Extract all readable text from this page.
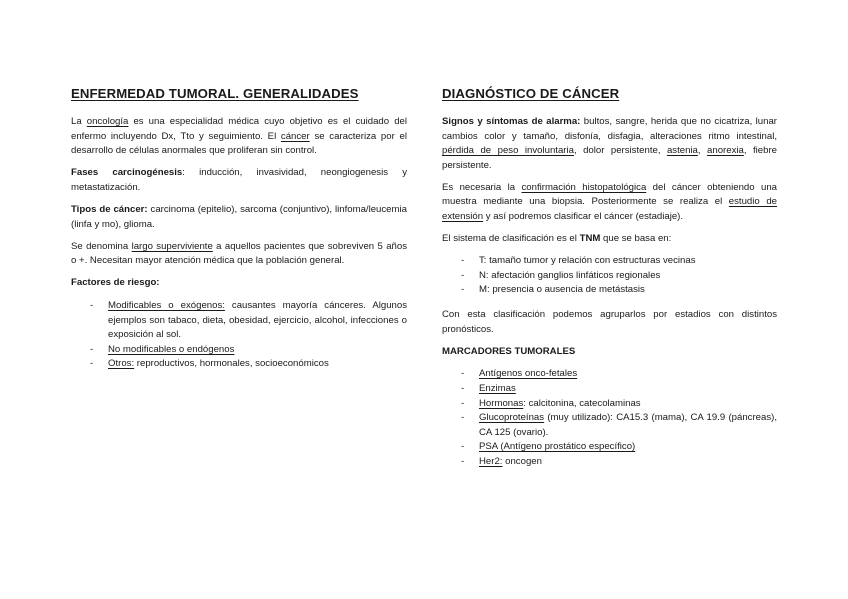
ENFERMEDAD TUMORAL. GENERALIDADES

La oncología es una especialidad médica cuyo objetivo es el cuidado del enfermo incluyendo Dx, Tto y seguimiento. El cáncer se caracteriza por el desarrollo de células anormales que proliferan sin control.

Fases carcinogénesis: inducción, invasividad, neongiogenesis y metastatización.

Tipos de cáncer: carcinoma (epitelio), sarcoma (conjuntivo), linfoma/leucemia (linfa y mo), glioma.

Se denomina largo superviviente a aquellos pacientes que sobreviven 5 años o +. Necesitan mayor atención médica que la población general.

Factores de riesgo:

- Modificables o exógenos: causantes mayoría cánceres. Algunos ejemplos son tabaco, dieta, obesidad, ejercicio, alcohol, infecciones o exposición al sol.
- No modificables o endógenos
- Otros: reproductivos, hormonales, socioeconómicos
DIAGNÓSTICO DE CÁNCER

Signos y síntomas de alarma: bultos, sangre, herida que no cicatriza, lunar cambios color y tamaño, disfonía, disfagia, alteraciones ritmo intestinal, pérdida de peso involuntaria, dolor persistente, astenia, anorexia, fiebre persistente.

Es necesaria la confirmación histopatológica del cáncer obteniendo una muestra mediante una biopsia. Posteriormente se realiza el estudio de extensión y así podremos clasificar el cáncer (estadiaje).

El sistema de clasificación es el TNM que se basa en:

- T: tamaño tumor y relación con estructuras vecinas
- N: afectación ganglios linfáticos regionales
- M: presencia o ausencia de metástasis

Con esta clasificación podemos agruparlos por estadios con distintos pronósticos.

MARCADORES TUMORALES

- Antígenos onco-fetales
- Enzimas
- Hormonas: calcitonina, catecolaminas
- Glucoproteínas (muy utilizado): CA15.3 (mama), CA 19.9 (páncreas), CA 125 (ovario).
- PSA (Antígeno prostático específico)
- Her2: oncogen
